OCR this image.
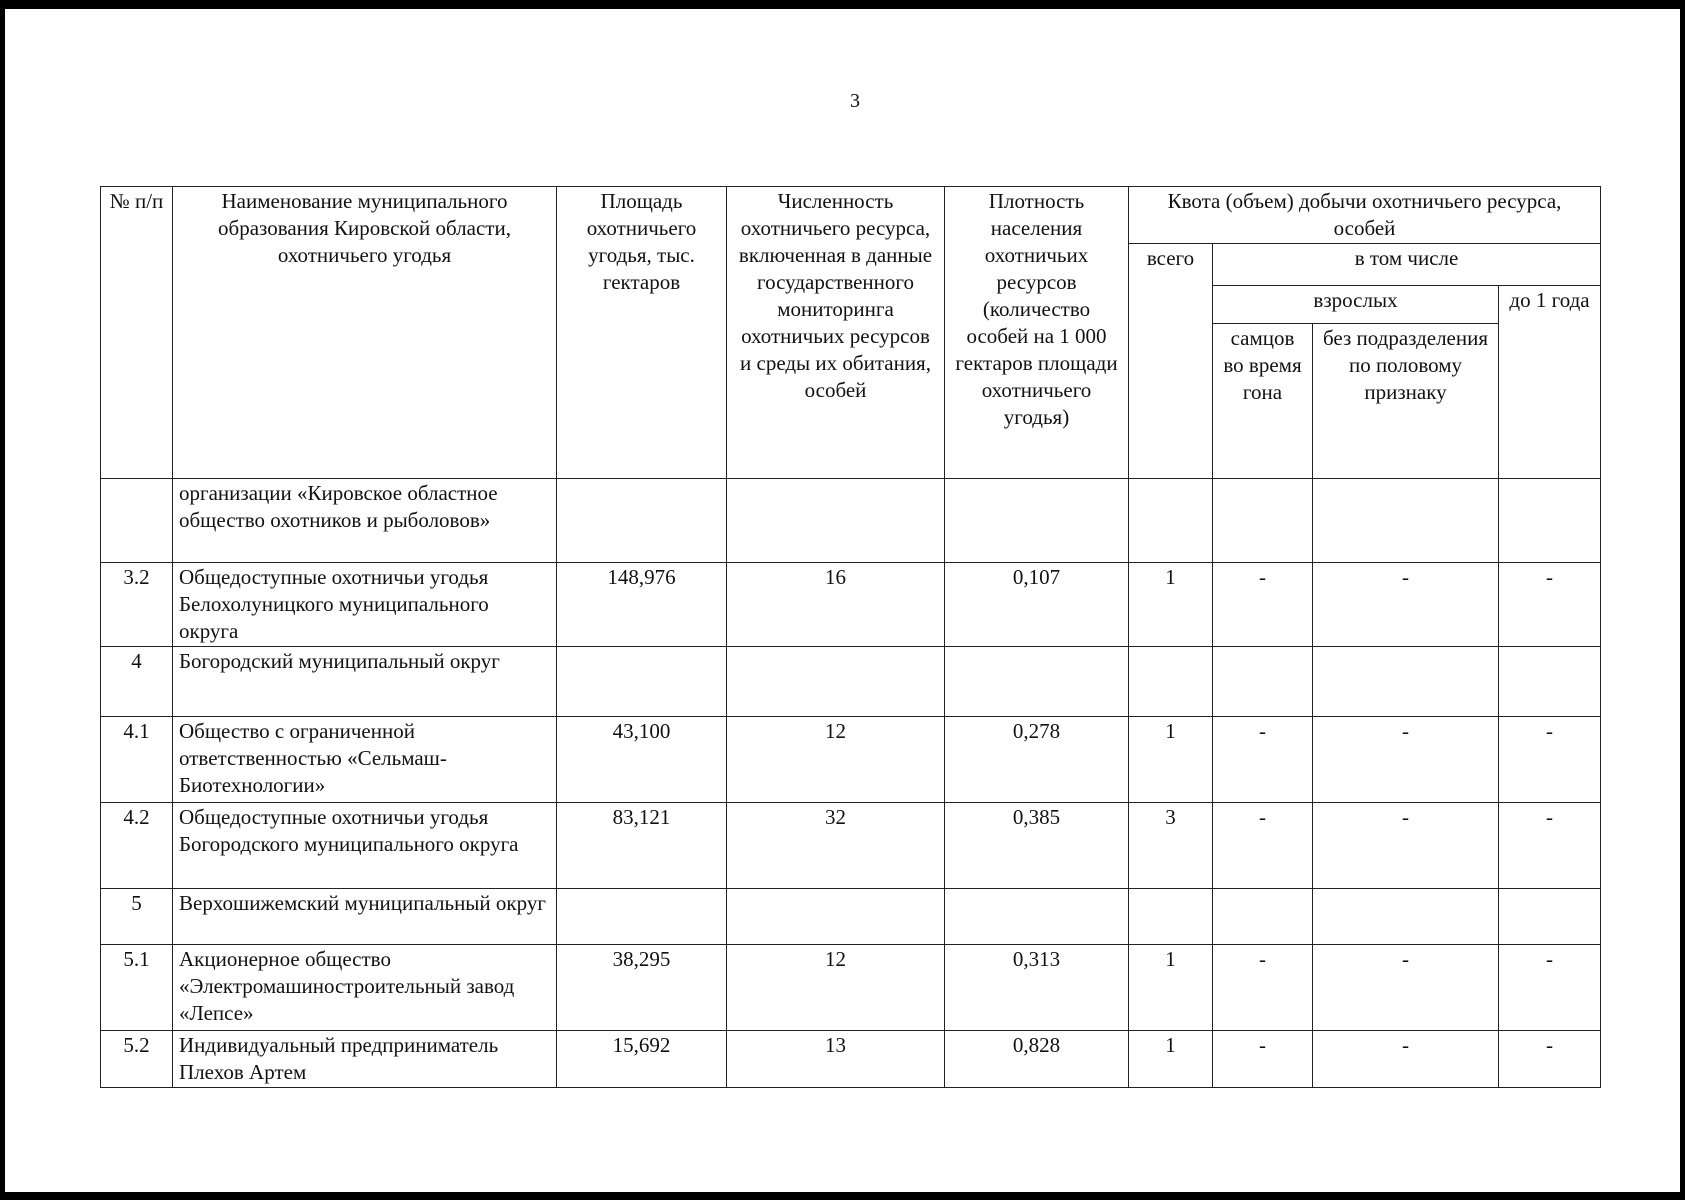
3
№ п/п	Наименование муниципального образования Кировской области, охотничьего угодья	Площадь охотничьего угодья, тыс. гектаров	Численность охотничьего ресурса, включенная в данные государственного мониторинга охотничьих ресурсов и среды их обитания, особей	Плотность населения охотничьих ресурсов (количество особей на 1 000 гектаров площади охотничьего угодья)	Квота (объем) добычи охотничьего ресурса, особей			
					всего	в том числе		
						взрослых		до 1 года
						самцов во время гона	без подразделения по половому признаку	
	организации «Кировское областное общество охотников и рыболовов»							
3.2	Общедоступные охотничьи угодья Белохолуницкого муниципального округа	148,976	16	0,107	1	-	-	-
4	Богородский муниципальный округ							
4.1	Общество с ограниченной ответственностью «Сельмаш-Биотехнологии»	43,100	12	0,278	1	-	-	-
4.2	Общедоступные охотничьи угодья Богородского муниципального округа	83,121	32	0,385	3	-	-	-
5	Верхошижемский муниципальный округ							
5.1	Акционерное общество «Электромашиностроительный завод «Лепсе»	38,295	12	0,313	1	-	-	-
5.2	Индивидуальный предприниматель Плехов Артем	15,692	13	0,828	1	-	-	-
